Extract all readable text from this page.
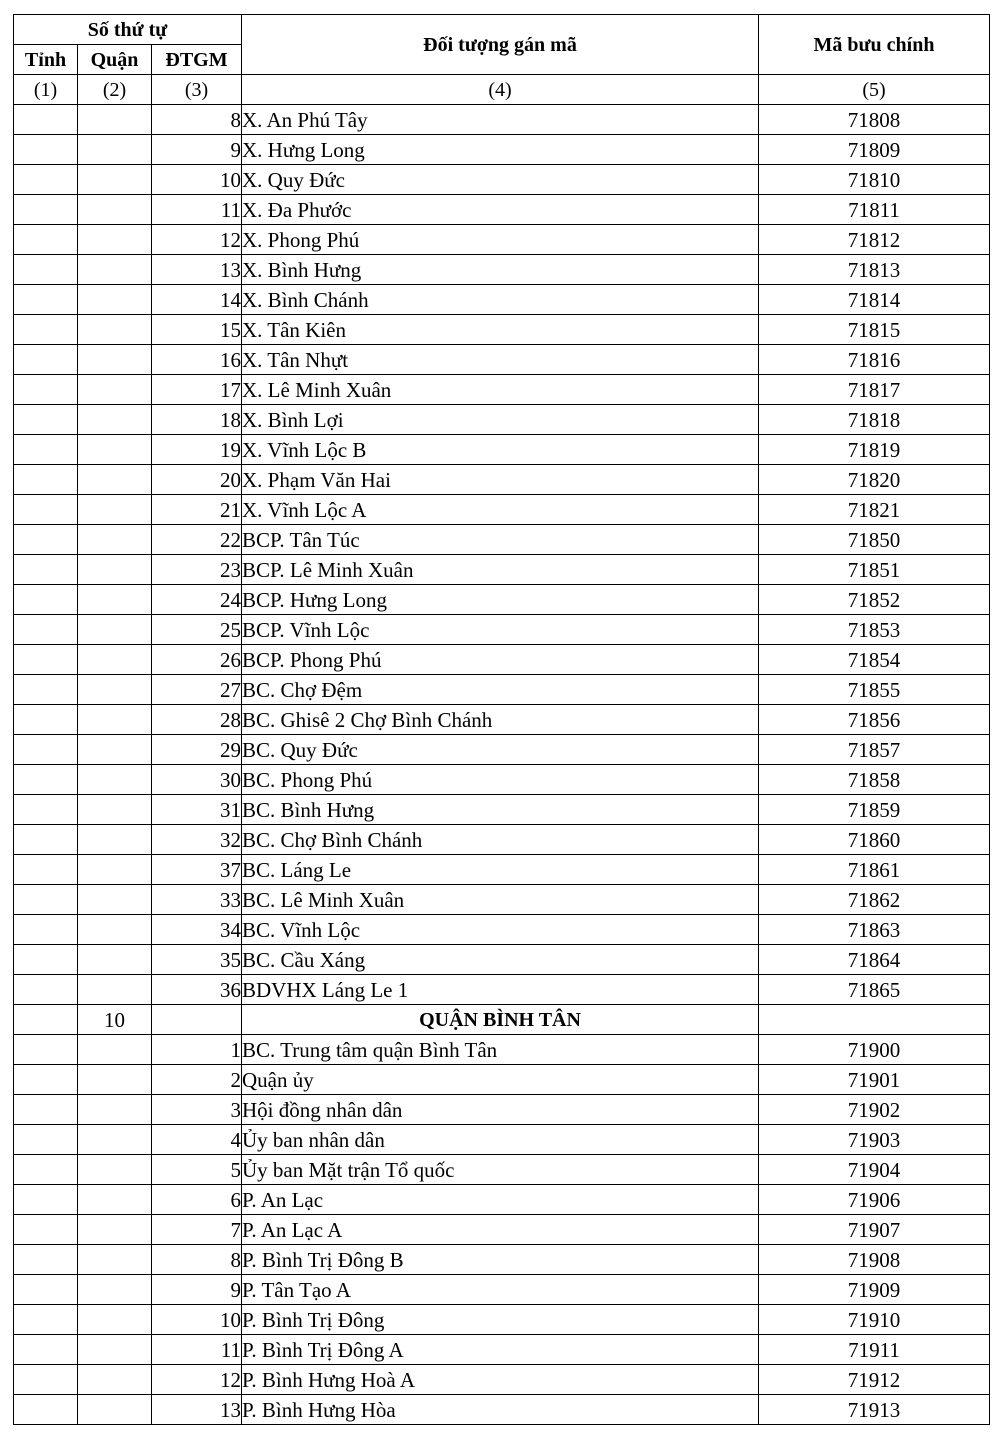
Số thứ tự			Đối tượng gán mã	Mã bưu chính
Tỉnh	Quận	ĐTGM		
(1)	(2)	(3)	(4)	(5)
		8	X. An Phú Tây	71808
		9	X. Hưng Long	71809
		10	X. Quy Đức	71810
		11	X. Đa Phước	71811
		12	X. Phong Phú	71812
		13	X. Bình Hưng	71813
		14	X. Bình Chánh	71814
		15	X. Tân Kiên	71815
		16	X. Tân Nhựt	71816
		17	X. Lê Minh Xuân	71817
		18	X. Bình Lợi	71818
		19	X. Vĩnh Lộc B	71819
		20	X. Phạm Văn Hai	71820
		21	X. Vĩnh Lộc A	71821
		22	BCP. Tân Túc	71850
		23	BCP. Lê Minh Xuân	71851
		24	BCP. Hưng Long	71852
		25	BCP. Vĩnh Lộc	71853
		26	BCP. Phong Phú	71854
		27	BC. Chợ Đệm	71855
		28	BC. Ghisê 2 Chợ Bình Chánh	71856
		29	BC. Quy Đức	71857
		30	BC. Phong Phú	71858
		31	BC. Bình Hưng	71859
		32	BC. Chợ Bình Chánh	71860
		37	BC. Láng Le	71861
		33	BC. Lê Minh Xuân	71862
		34	BC. Vĩnh Lộc	71863
		35	BC. Cầu Xáng	71864
		36	BDVHX Láng Le 1	71865
	10		QUẬN BÌNH TÂN	
		1	BC. Trung tâm quận Bình Tân	71900
		2	Quận ủy	71901
		3	Hội đồng nhân dân	71902
		4	Ủy ban nhân dân	71903
		5	Ủy ban Mặt trận Tổ quốc	71904
		6	P. An Lạc	71906
		7	P. An Lạc A	71907
		8	P. Bình Trị Đông B	71908
		9	P. Tân Tạo A	71909
		10	P. Bình Trị Đông	71910
		11	P. Bình Trị Đông A	71911
		12	P. Bình Hưng Hoà A	71912
		13	P. Bình Hưng Hòa	71913
